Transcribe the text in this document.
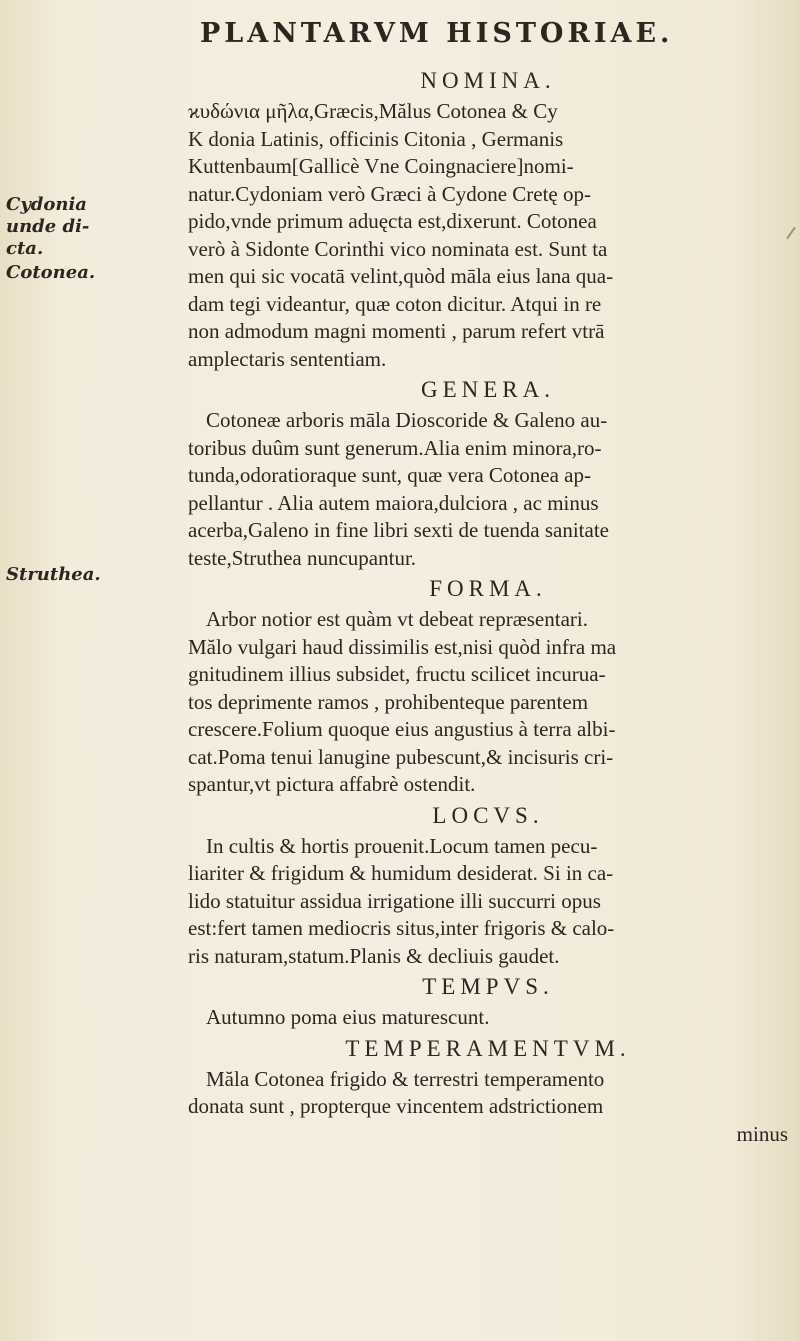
PLANTARVM HISTORIAE.
Cydonia
unde di-
cta.
Cotonea.
Struthea.
NOMINA.
ϰυδώνια μῆλα,Græcis,Mălus Cotonea & Cy
K donia Latinis, officinis Citonia , Germanis
Kuttenbaum[Gallicè Vne Coingnaciere]nomi-
natur.Cydoniam verò Græci à Cydone Cretę op-
pido,vnde primum aduęcta est,dixerunt. Cotonea
verò à Sidonte Corinthi vico nominata est. Sunt ta
men qui sic vocatā velint,quòd māla eius lana qua-
dam tegi videantur, quæ coton dicitur. Atqui in re
non admodum magni momenti , parum refert vtrā
amplectaris sententiam.
GENERA.
Cotoneæ arboris māla Dioscoride & Galeno au-
toribus duûm sunt generum.Alia enim minora,ro-
tunda,odoratioraque sunt, quæ vera Cotonea ap-
pellantur . Alia autem maiora,dulciora , ac minus
acerba,Galeno in fine libri sexti de tuenda sanitate
teste,Struthea nuncupantur.
FORMA.
Arbor notior est quàm vt debeat repræsentari.
Mălo vulgari haud dissimilis est,nisi quòd infra ma
gnitudinem illius subsidet, fructu scilicet incurua-
tos deprimente ramos , prohibenteque parentem
crescere.Folium quoque eius angustius à terra albi-
cat.Poma tenui lanugine pubescunt,& incisuris cri-
spantur,vt pictura affabrè ostendit.
LOCVS.
In cultis & hortis prouenit.Locum tamen pecu-
liariter & frigidum & humidum desiderat. Si in ca-
lido statuitur assidua irrigatione illi succurri opus
est:fert tamen mediocris situs,inter frigoris & calo-
ris naturam,statum.Planis & decliuis gaudet.
TEMPVS.
Autumno poma eius maturescunt.
TEMPERAMENTVM.
Măla Cotonea frigido & terrestri temperamento
donata sunt , propterque vincentem adstrictionem
minus
